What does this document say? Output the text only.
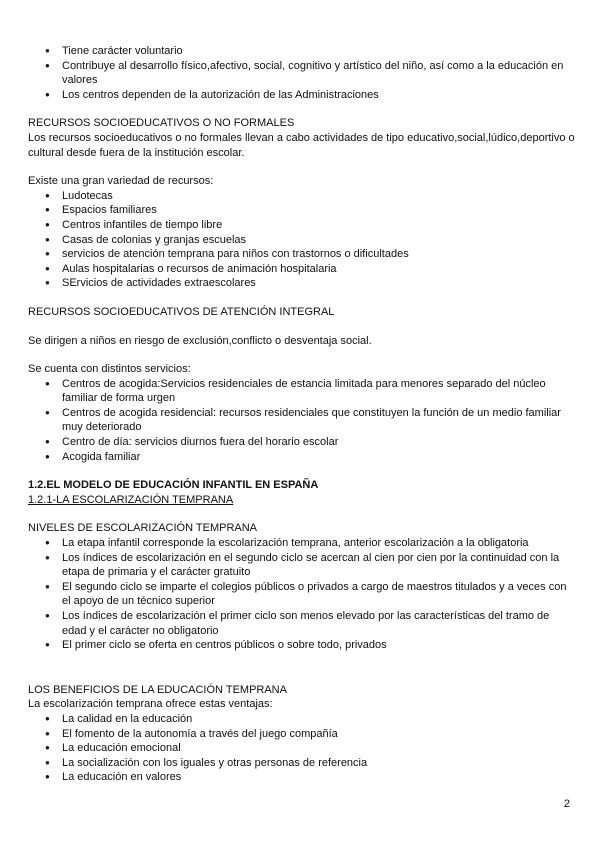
● Tiene carácter voluntario
● Contribuye al desarrollo físico,afectivo, social, cognitivo y artístico del niño, así como a la educación en valores
● Los centros dependen de la autorización de las Administraciones

RECURSOS SOCIOEDUCATIVOS O NO FORMALES

Los recursos socioeducativos o no formales llevan a cabo actividades de tipo educativo,social,lúdico,deportivo o cultural desde fuera de la institución escolar.

Existe una gran variedad de recursos:

● Ludotecas
● Espacios familiares
● Centros infantiles de tiempo libre
● Casas de colonias y granjas escuelas
● servicios de atención temprana para niños con trastornos o dificultades
● Aulas hospitalarias o recursos de animación hospitalaria
● SErvicios de actividades extraescolares

RECURSOS SOCIOEDUCATIVOS DE ATENCIÓN INTEGRAL

Se dirigen a niños en riesgo de exclusión,conflicto o desventaja social.

Se cuenta con distintos servicios:

● Centros de acogida:Servicios residenciales de estancia limitada para menores separado del núcleo familiar de forma urgen
● Centros de acogida residencial: recursos residenciales que constituyen la función de un medio familiar muy deteriorado
● Centro de día: servicios diurnos fuera del horario escolar
● Acogida familiar

1.2.EL MODELO DE EDUCACIÓN INFANTIL EN ESPAÑA

1.2.1-LA ESCOLARIZACIÓN TEMPRANA

NIVELES DE ESCOLARIZACIÓN TEMPRANA

● La etapa infantil corresponde la escolarización temprana, anterior escolarización a la obligatoria
● Los índices de escolarización en el segundo ciclo se acercan al cien por cien por la continuidad con la etapa de primaria y el carácter gratuito
● El segundo ciclo se imparte el colegios públicos o privados a cargo de maestros titulados y a veces con el apoyo de un técnico superior
● Los índices de escolarización el primer ciclo son menos elevado por las características del tramo de edad y el carácter no obligatorio
● El primer ciclo se oferta en centros públicos o sobre todo, privados

LOS BENEFICIOS DE LA EDUCACIÓN TEMPRANA

La escolarización temprana ofrece estas ventajas:

● La calidad en la educación
● El fomento de la autonomía a través del juego compañía
● La educación emocional
● La socialización con los iguales y otras personas de referencia
● La educación en valores
2
